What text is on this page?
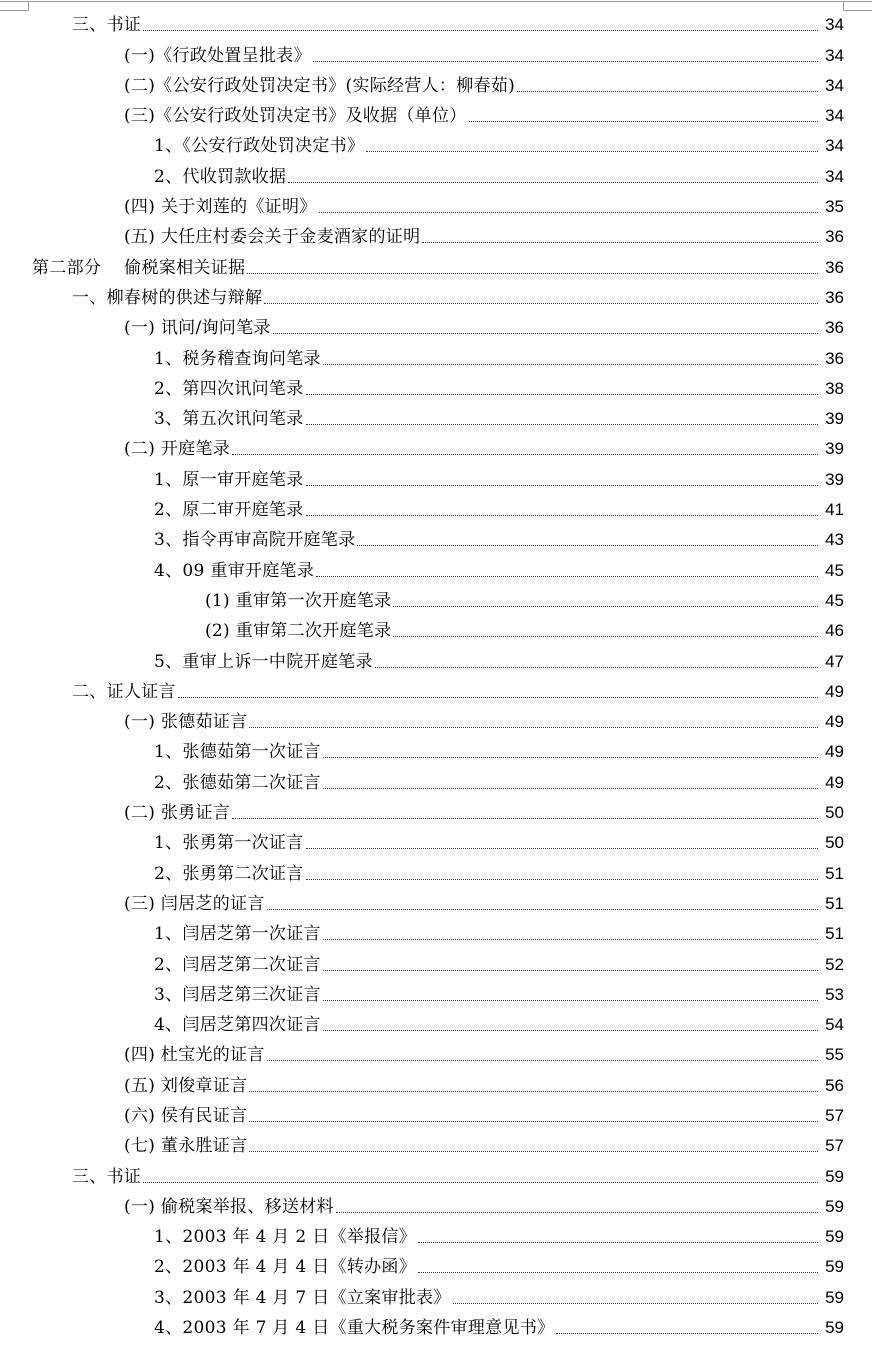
三、书证	34
(一)《行政处置呈批表》	34
(二)《公安行政处罚决定书》(实际经营人：柳春茹)	34
(三)《公安行政处罚决定书》及收据（单位）	34
1、《公安行政处罚决定书》	34
2、代收罚款收据	34
(四) 关于刘莲的《证明》	35
(五) 大任庄村委会关于金麦酒家的证明	36
第二部分　 偷税案相关证据	36
一、柳春树的供述与辩解	36
(一) 讯问/询问笔录	36
1、税务稽查询问笔录	36
2、第四次讯问笔录	38
3、第五次讯问笔录	39
(二) 开庭笔录	39
1、原一审开庭笔录	39
2、原二审开庭笔录	41
3、指令再审高院开庭笔录	43
4、09 重审开庭笔录	45
(1) 重审第一次开庭笔录	45
(2) 重审第二次开庭笔录	46
5、重审上诉一中院开庭笔录	47
二、证人证言	49
(一) 张德茹证言	49
1、张德茹第一次证言	49
2、张德茹第二次证言	49
(二) 张勇证言	50
1、张勇第一次证言	50
2、张勇第二次证言	51
(三) 闫居芝的证言	51
1、闫居芝第一次证言	51
2、闫居芝第二次证言	52
3、闫居芝第三次证言	53
4、闫居芝第四次证言	54
(四) 杜宝光的证言	55
(五) 刘俊章证言	56
(六) 侯有民证言	57
(七) 董永胜证言	57
三、书证	59
(一) 偷税案举报、移送材料	59
1、2003 年 4 月 2 日《举报信》	59
2、2003 年 4 月 4 日《转办函》	59
3、2003 年 4 月 7 日《立案审批表》	59
4、2003 年 7 月 4 日《重大税务案件审理意见书》	59
